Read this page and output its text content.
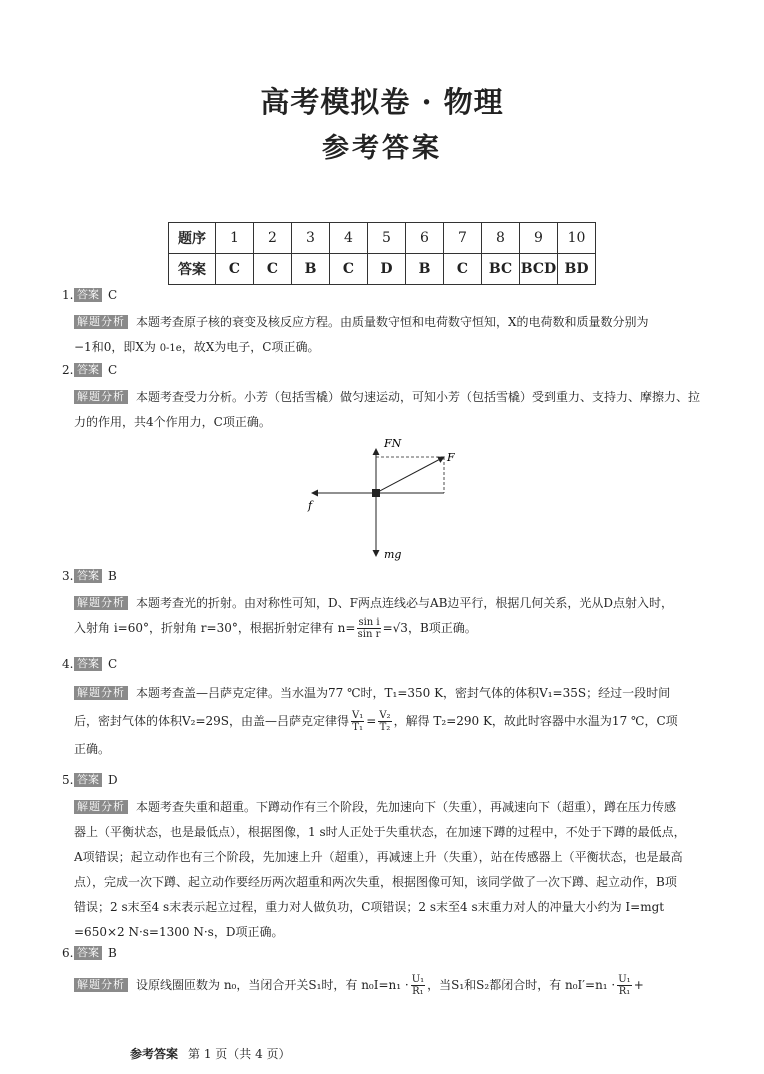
高考模拟卷 · 物理
参考答案
题序	1	2	3	4	5	6	7	8	9	10
答案	C	C	B	C	D	B	C	BC	BCD	BD
1. 答案 C
解题分析 本题考查原子核的衰变及核反应方程。由质量数守恒和电荷数守恒知，X的电荷数和质量数分别为
−1和0，即X为 0-1e，故X为电子，C项正确。
2. 答案 C
解题分析 本题考查受力分析。小芳（包括雪橇）做匀速运动，可知小芳（包括雪橇）受到重力、支持力、摩擦力、拉
力的作用，共4个作用力，C项正确。
FN
F
f
mg
3. 答案 B
解题分析 本题考查光的折射。由对称性可知，D、F两点连线必与AB边平行，根据几何关系，光从D点射入时，
入射角 i=60°，折射角 r=30°，根据折射定律有 $n= \frac{\text{sin i}}{\text{sin r}} =√3$，B项正确。
4. 答案 C
解题分析 本题考查盖—吕萨克定律。当水温为77 ℃时，T₁=350 K，密封气体的体积V₁=35S；经过一段时间
后，密封气体的体积V₂=29S，由盖—吕萨克定律得 $\frac{\text{V₁}}{\text{T₁}} = \frac{\text{V₂}}{\text{T₂}}$ ，解得 T₂=290 K，故此时容器中水温为17 ℃，C项
正确。
5. 答案 D
解题分析 本题考查失重和超重。下蹲动作有三个阶段，先加速向下（失重），再减速向下（超重），蹲在压力传感
器上（平衡状态，也是最低点），根据图像，1 s时人正处于失重状态，在加速下蹲的过程中，不处于下蹲的最低点，
A项错误；起立动作也有三个阶段，先加速上升（超重），再减速上升（失重），站在传感器上（平衡状态，也是最高
点），完成一次下蹲、起立动作要经历两次超重和两次失重，根据图像可知，该同学做了一次下蹲、起立动作，B项
错误；2 s末至4 s末表示起立过程，重力对人做负功，C项错误；2 s末至4 s末重力对人的冲量大小约为 I=mgt
=650×2 N·s=1300 N·s，D项正确。
6. 答案 B
解题分析 设原线圈匝数为 n₀，当闭合开关S₁时，有 $n_0I=n_1 \cdot \frac{\text{U₁}}{\text{R₁}}$ ，当S₁和S₂都闭合时，有 $n_0I'=n_1 \cdot \frac{\text{U₁}}{\text{R₁}}$ +
参考答案 第 1 页（共 4 页）
